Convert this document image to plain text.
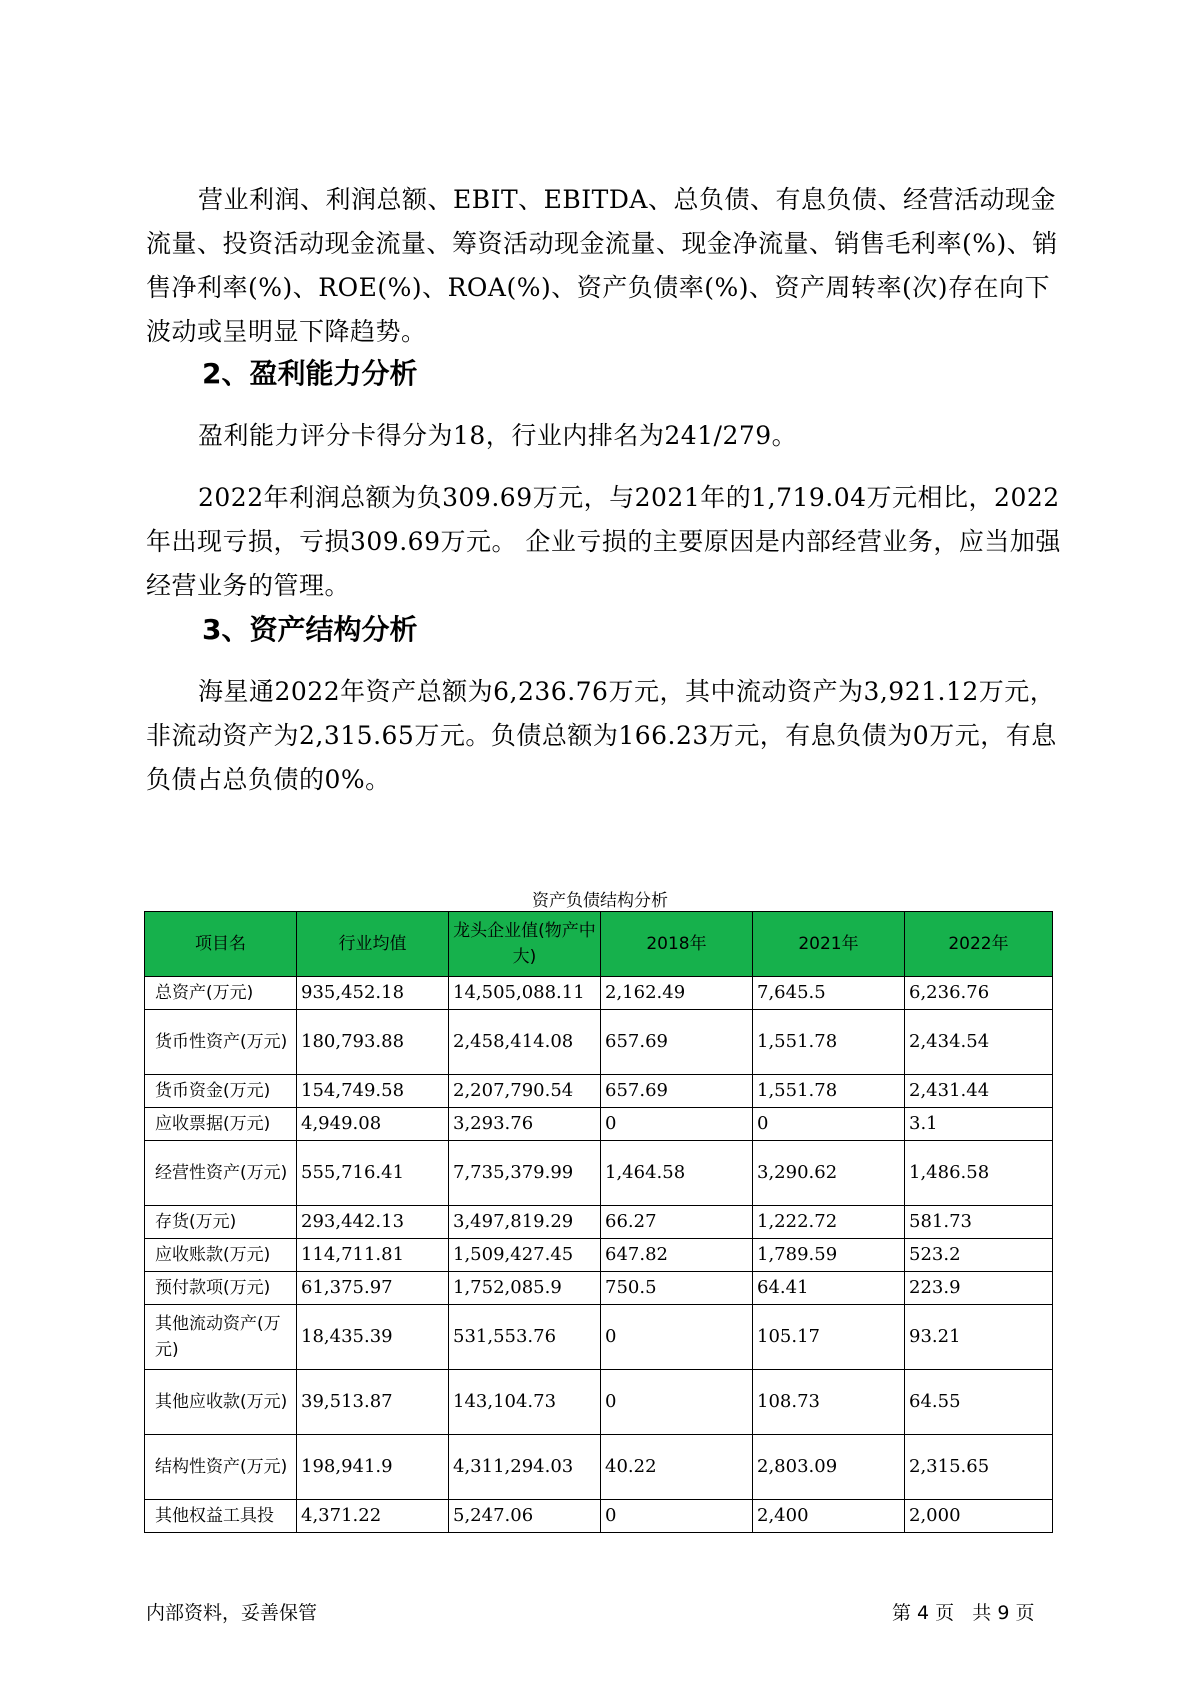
营业利润、利润总额、EBIT、EBITDA、总负债、有息负债、经营活动现金流量、投资活动现金流量、筹资活动现金流量、现金净流量、销售毛利率(%)、销售净利率(%)、ROE(%)、ROA(%)、资产负债率(%)、资产周转率(次)存在向下波动或呈明显下降趋势。

2、盈利能力分析

盈利能力评分卡得分为18，行业内排名为241/279。

2022年利润总额为负309.69万元，与2021年的1,719.04万元相比，2022年出现亏损，亏损309.69万元。 企业亏损的主要原因是内部经营业务，应当加强经营业务的管理。

3、资产结构分析

海星通2022年资产总额为6,236.76万元，其中流动资产为3,921.12万元，非流动资产为2,315.65万元。负债总额为166.23万元，有息负债为0万元，有息负债占总负债的0%。

资产负债结构分析
项目名	行业均值	龙头企业值(物产中大)	2018年	2021年	2022年
总资产(万元)	935,452.18	14,505,088.11	2,162.49	7,645.5	6,236.76
货币性资产(万元)	180,793.88	2,458,414.08	657.69	1,551.78	2,434.54
货币资金(万元)	154,749.58	2,207,790.54	657.69	1,551.78	2,431.44
应收票据(万元)	4,949.08	3,293.76	0	0	3.1
经营性资产(万元)	555,716.41	7,735,379.99	1,464.58	3,290.62	1,486.58
存货(万元)	293,442.13	3,497,819.29	66.27	1,222.72	581.73
应收账款(万元)	114,711.81	1,509,427.45	647.82	1,789.59	523.2
预付款项(万元)	61,375.97	1,752,085.9	750.5	64.41	223.9
其他流动资产(万元)	18,435.39	531,553.76	0	105.17	93.21
其他应收款(万元)	39,513.87	143,104.73	0	108.73	64.55
结构性资产(万元)	198,941.9	4,311,294.03	40.22	2,803.09	2,315.65
其他权益工具投	4,371.22	5,247.06	0	2,400	2,000
内部资料，妥善保管	第 4 页   共 9 页
